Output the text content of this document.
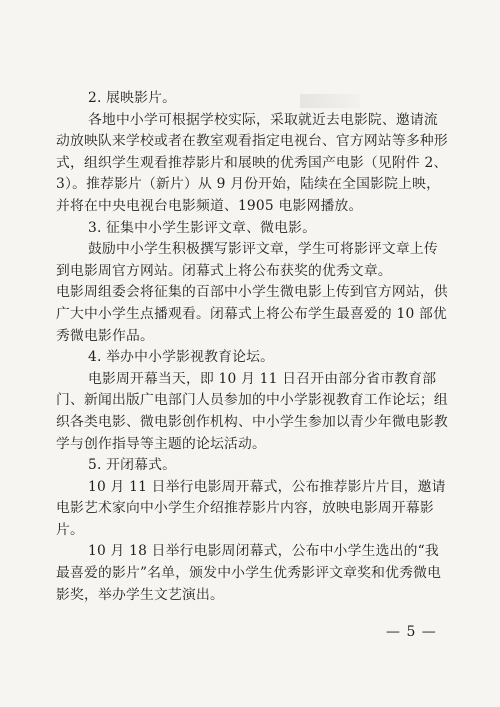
2. 展映影片。

各地中小学可根据学校实际，采取就近去电影院、邀请流动放映队来学校或者在教室观看指定电视台、官方网站等多种形式，组织学生观看推荐影片和展映的优秀国产电影（见附件 2、3）。推荐影片（新片）从 9 月份开始，陆续在全国影院上映，并将在中央电视台电影频道、1905 电影网播放。

3. 征集中小学生影评文章、微电影。

鼓励中小学生积极撰写影评文章，学生可将影评文章上传到电影周官方网站。闭幕式上将公布获奖的优秀文章。

电影周组委会将征集的百部中小学生微电影上传到官方网站，供广大中小学生点播观看。闭幕式上将公布学生最喜爱的 10 部优秀微电影作品。

4. 举办中小学影视教育论坛。

电影周开幕当天，即 10 月 11 日召开由部分省市教育部门、新闻出版广电部门人员参加的中小学影视教育工作论坛；组织各类电影、微电影创作机构、中小学生参加以青少年微电影教学与创作指导等主题的论坛活动。

5. 开闭幕式。

10 月 11 日举行电影周开幕式，公布推荐影片片目，邀请电影艺术家向中小学生介绍推荐影片内容，放映电影周开幕影片。

10 月 18 日举行电影周闭幕式，公布中小学生选出的“我最喜爱的影片”名单，颁发中小学生优秀影评文章奖和优秀微电影奖，举办学生文艺演出。

— 5 —
